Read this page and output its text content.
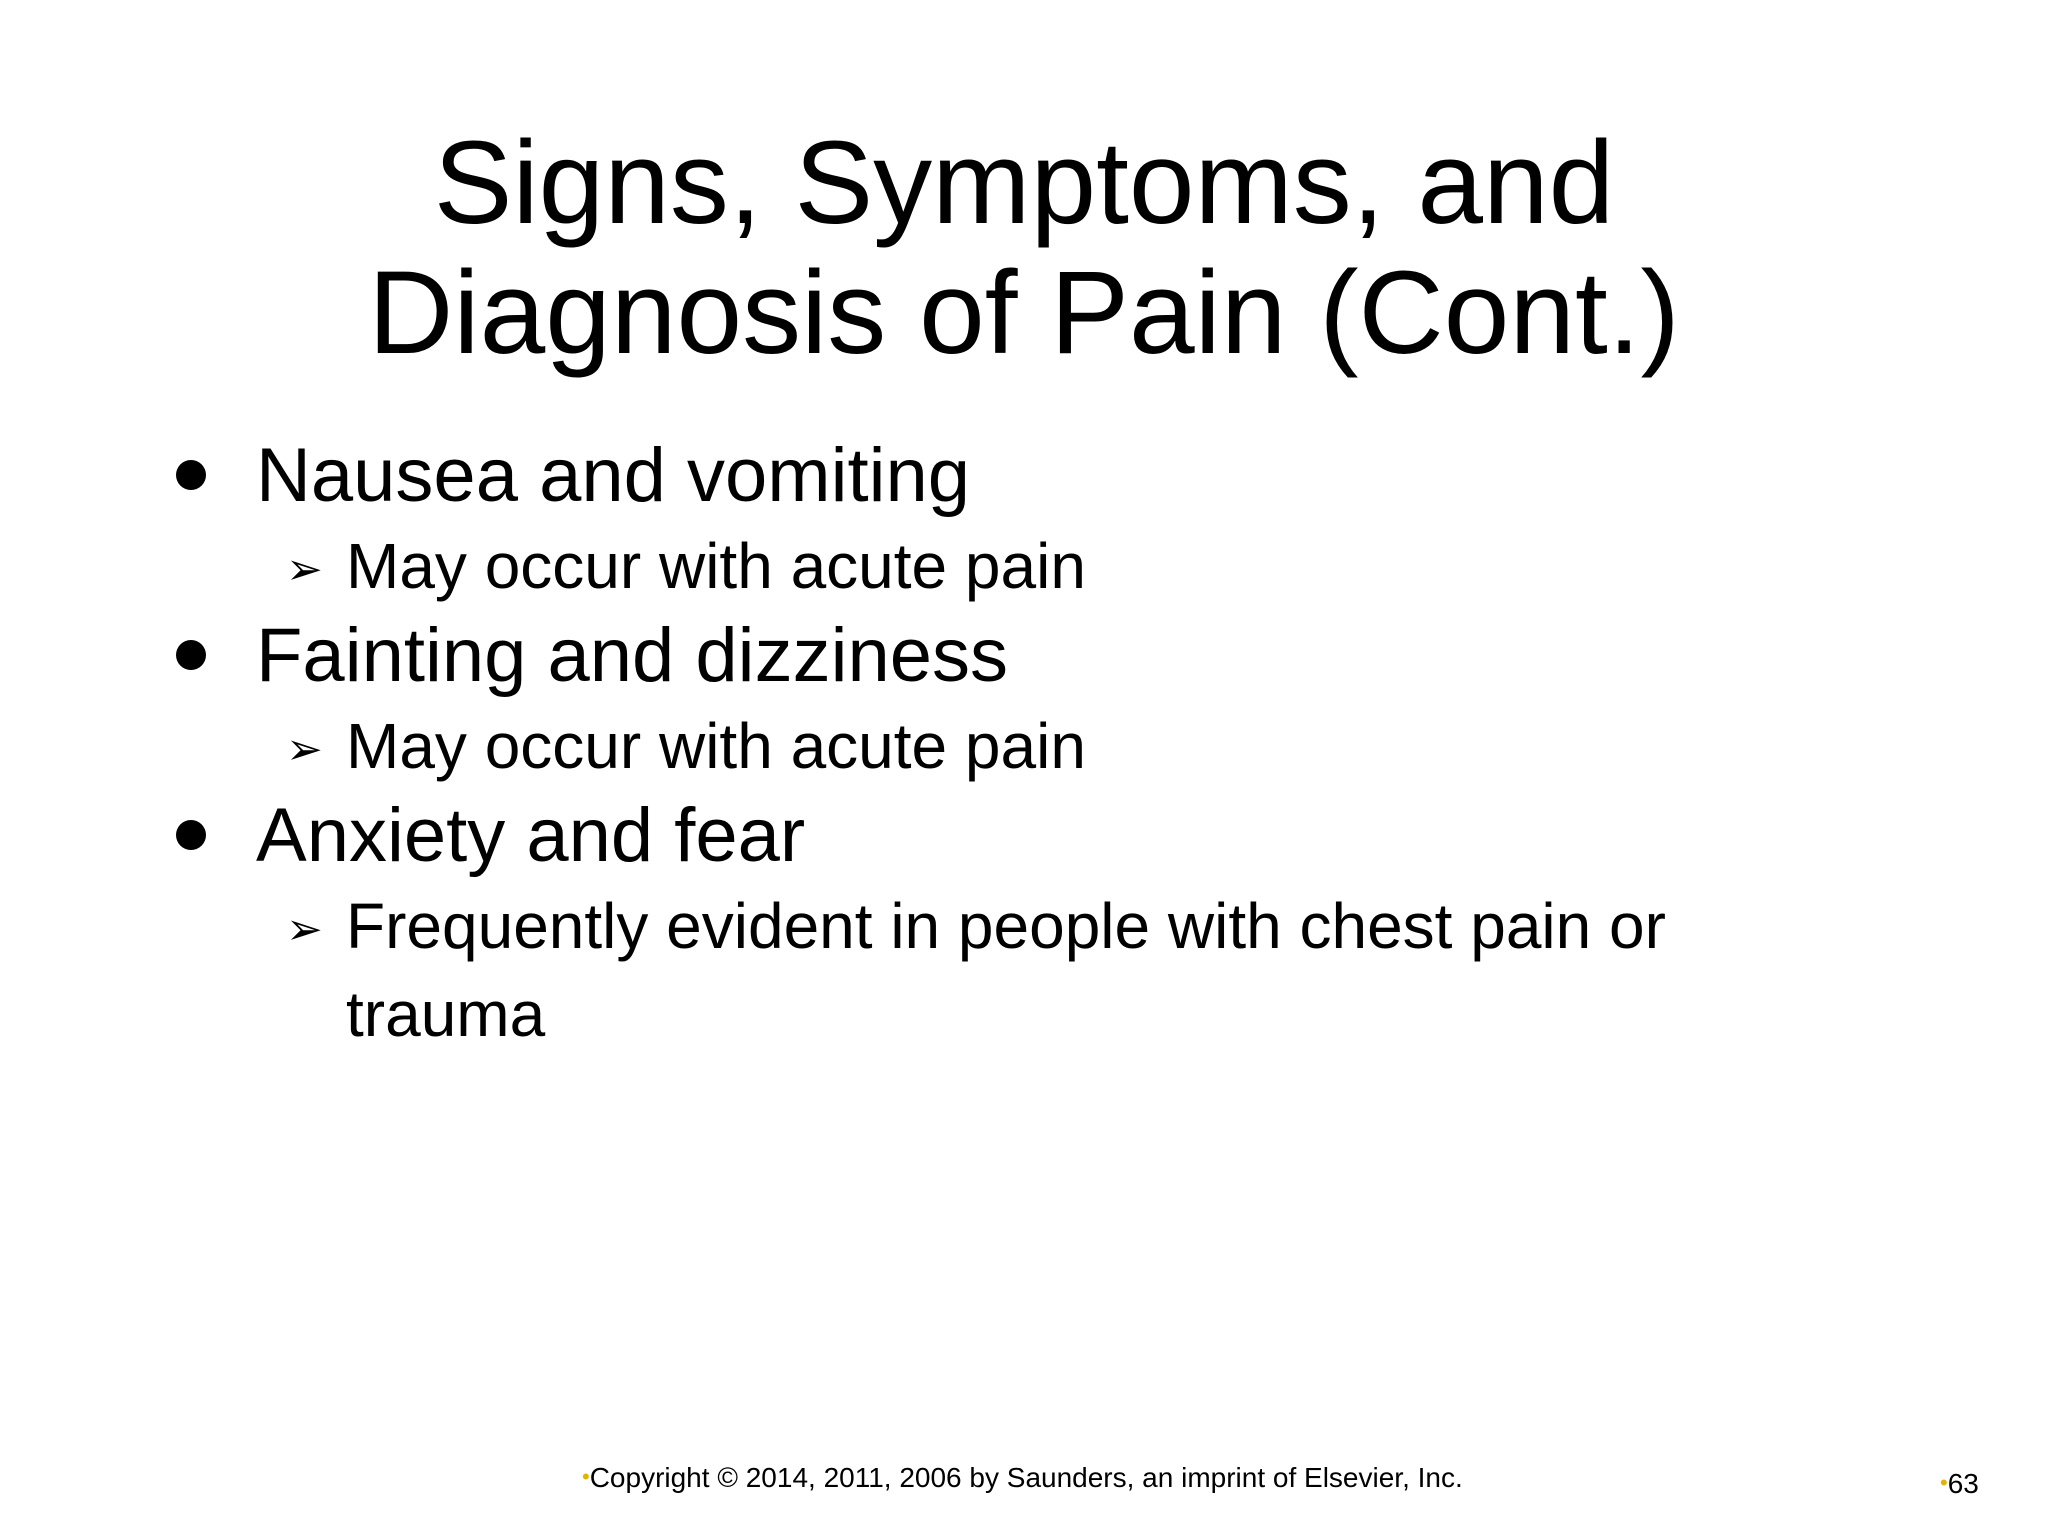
Signs, Symptoms, and
Diagnosis of Pain (Cont.)
Nausea and vomiting
➢ May occur with acute pain
Fainting and dizziness
➢ May occur with acute pain
Anxiety and fear
➢ Frequently evident in people with chest pain or trauma
•Copyright © 2014, 2011, 2006 by Saunders, an imprint of Elsevier, Inc.	•63
